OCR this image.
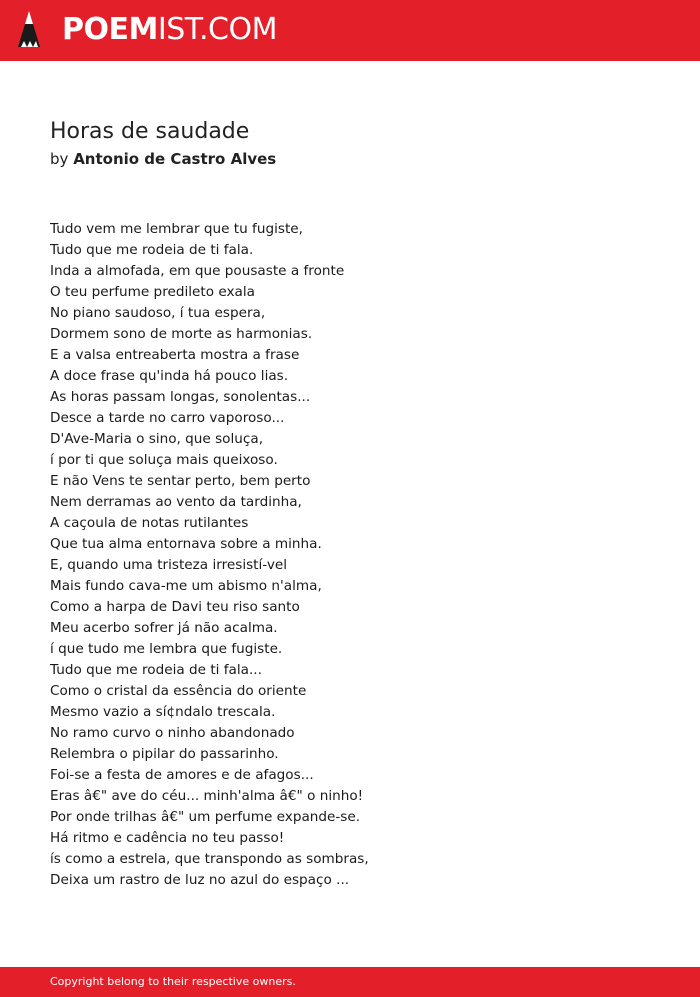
POEMIST.COM
Horas de saudade
by Antonio de Castro Alves
Tudo vem me lembrar que tu fugiste,
Tudo que me rodeia de ti fala.
Inda a almofada, em que pousaste a fronte
O teu perfume predileto exala
No piano saudoso, í tua espera,
Dormem sono de morte as harmonias.
E a valsa entreaberta mostra a frase
A doce frase qu'inda há pouco lias.
As horas passam longas, sonolentas...
Desce a tarde no carro vaporoso...
D'Ave-Maria o sino, que soluça,
í por ti que soluça mais queixoso.
E não Vens te sentar perto, bem perto
Nem derramas ao vento da tardinha,
A caçoula de notas rutilantes
Que tua alma entornava sobre a minha.
E, quando uma tristeza irresistí-vel
Mais fundo cava-me um abismo n'alma,
Como a harpa de Davi teu riso santo
Meu acerbo sofrer já não acalma.
í que tudo me lembra que fugiste.
Tudo que me rodeia de ti fala...
Como o cristal da essência do oriente
Mesmo vazio a sí¢ndalo trescala.
No ramo curvo o ninho abandonado
Relembra o pipilar do passarinho.
Foi-se a festa de amores e de afagos...
Eras â€" ave do céu... minh'alma â€" o ninho!
Por onde trilhas â€" um perfume expande-se.
Há ritmo e cadência no teu passo!
ís como a estrela, que transpondo as sombras,
Deixa um rastro de luz no azul do espaço ...
Copyright belong to their respective owners.
